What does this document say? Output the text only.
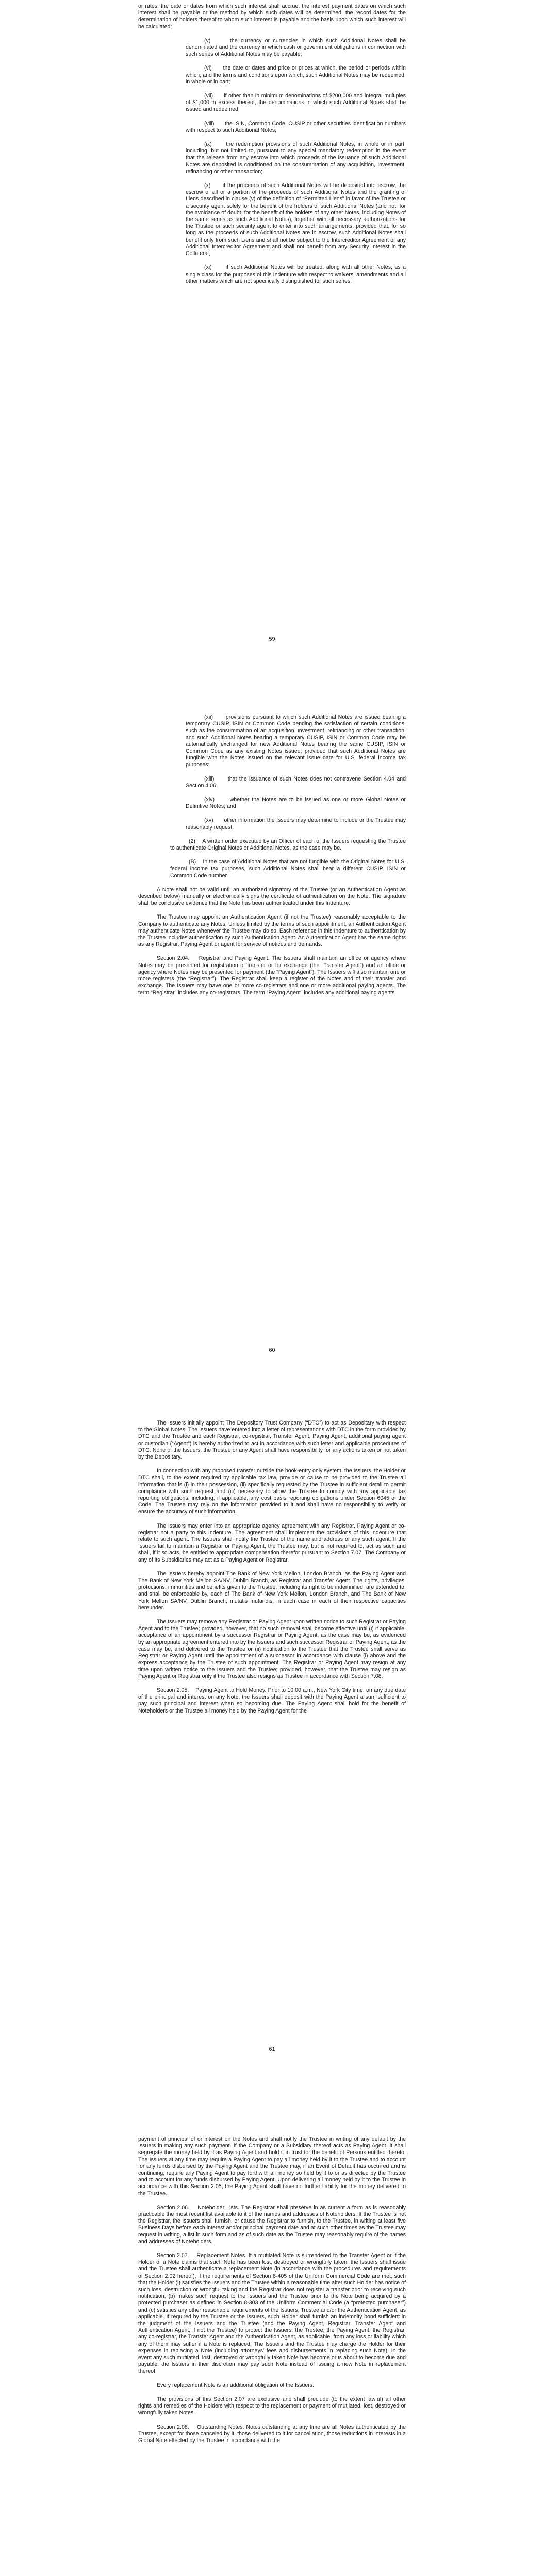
or rates, the date or dates from which such interest shall accrue, the interest payment dates on which such interest shall be payable or the method by which such dates will be determined, the record dates for the determination of holders thereof to whom such interest is payable and the basis upon which such interest will be calculated;

(v)      the currency or currencies in which such Additional Notes shall be denominated and the currency in which cash or government obligations in connection with such series of Additional Notes may be payable;

(vi)      the date or dates and price or prices at which, the period or periods within which, and the terms and conditions upon which, such Additional Notes may be redeemed, in whole or in part;

(vii)      if other than in minimum denominations of $200,000 and integral multiples of $1,000 in excess thereof, the denominations in which such Additional Notes shall be issued and redeemed;

(viii)      the ISIN, Common Code, CUSIP or other securities identification numbers with respect to such Additional Notes;

(ix)      the redemption provisions of such Additional Notes, in whole or in part, including, but not limited to, pursuant to any special mandatory redemption in the event that the release from any escrow into which proceeds of the issuance of such Additional Notes are deposited is conditioned on the consummation of any acquisition, Investment, refinancing or other transaction;

(x)      if the proceeds of such Additional Notes will be deposited into escrow, the escrow of all or a portion of the proceeds of such Additional Notes and the granting of Liens described in clause (v) of the definition of “Permitted Liens” in favor of the Trustee or a security agent solely for the benefit of the holders of such Additional Notes (and not, for the avoidance of doubt, for the benefit of the holders of any other Notes, including Notes of the same series as such Additional Notes), together with all necessary authorizations for the Trustee or such security agent to enter into such arrangements; provided that, for so long as the proceeds of such Additional Notes are in escrow, such Additional Notes shall benefit only from such Liens and shall not be subject to the Intercreditor Agreement or any Additional Intercreditor Agreement and shall not benefit from any Security Interest in the Collateral;

(xi)      if such Additional Notes will be treated, along with all other Notes, as a single class for the purposes of this Indenture with respect to waivers, amendments and all other matters which are not specifically distinguished for such series;

59

(xii)      provisions pursuant to which such Additional Notes are issued bearing a temporary CUSIP, ISIN or Common Code pending the satisfaction of certain conditions, such as the consummation of an acquisition, investment, refinancing or other transaction, and such Additional Notes bearing a temporary CUSIP, ISIN or Common Code may be automatically exchanged for new Additional Notes bearing the same CUSIP, ISIN or Common Code as any existing Notes issued; provided that such Additional Notes are fungible with the Notes issued on the relevant issue date for U.S. federal income tax purposes;

(xiii)      that the issuance of such Notes does not contravene Section 4.04 and Section 4.06;

(xiv)      whether the Notes are to be issued as one or more Global Notes or Definitive Notes; and

(xv)      other information the Issuers may determine to include or the Trustee may reasonably request.

(2)    A written order executed by an Officer of each of the Issuers requesting the Trustee to authenticate Original Notes or Additional Notes, as the case may be.

(B)    In the case of Additional Notes that are not fungible with the Original Notes for U.S. federal income tax purposes, such Additional Notes shall bear a different CUSIP, ISIN or Common Code number.

A Note shall not be valid until an authorized signatory of the Trustee (or an Authentication Agent as described below) manually or electronically signs the certificate of authentication on the Note. The signature shall be conclusive evidence that the Note has been authenticated under this Indenture.

The Trustee may appoint an Authentication Agent (if not the Trustee) reasonably acceptable to the Company to authenticate any Notes. Unless limited by the terms of such appointment, an Authentication Agent may authenticate Notes whenever the Trustee may do so. Each reference in this Indenture to authentication by the Trustee includes authentication by such Authentication Agent. An Authentication Agent has the same rights as any Registrar, Paying Agent or agent for service of notices and demands.

Section 2.04.    Registrar and Paying Agent. The Issuers shall maintain an office or agency where Notes may be presented for registration of transfer or for exchange (the “Transfer Agent”) and an office or agency where Notes may be presented for payment (the “Paying Agent”). The Issuers will also maintain one or more registers (the “Registrar”). The Registrar shall keep a register of the Notes and of their transfer and exchange. The Issuers may have one or more co-registrars and one or more additional paying agents. The term “Registrar” includes any co-registrars. The term “Paying Agent” includes any additional paying agents.

60

The Issuers initially appoint The Depository Trust Company (“DTC”) to act as Depositary with respect to the Global Notes. The Issuers have entered into a letter of representations with DTC in the form provided by DTC and the Trustee and each Registrar, co-registrar, Transfer Agent, Paying Agent, additional paying agent or custodian (“Agent”) is hereby authorized to act in accordance with such letter and applicable procedures of DTC. None of the Issuers, the Trustee or any Agent shall have responsibility for any actions taken or not taken by the Depositary.

In connection with any proposed transfer outside the book-entry only system, the Issuers, the Holder or DTC shall, to the extent required by applicable tax law, provide or cause to be provided to the Trustee all information that is (i) in their possession, (ii) specifically requested by the Trustee in sufficient detail to permit compliance with such request and (iii) necessary to allow the Trustee to comply with any applicable tax reporting obligations, including, if applicable, any cost basis reporting obligations under Section 6045 of the Code. The Trustee may rely on the information provided to it and shall have no responsibility to verify or ensure the accuracy of such information.

The Issuers may enter into an appropriate agency agreement with any Registrar, Paying Agent or co-registrar not a party to this Indenture. The agreement shall implement the provisions of this Indenture that relate to such agent. The Issuers shall notify the Trustee of the name and address of any such agent. If the Issuers fail to maintain a Registrar or Paying Agent, the Trustee may, but is not required to, act as such and shall, if it so acts, be entitled to appropriate compensation therefor pursuant to Section 7.07. The Company or any of its Subsidiaries may act as a Paying Agent or Registrar.

The Issuers hereby appoint The Bank of New York Mellon, London Branch, as the Paying Agent and The Bank of New York Mellon SA/NV, Dublin Branch, as Registrar and Transfer Agent. The rights, privileges, protections, immunities and benefits given to the Trustee, including its right to be indemnified, are extended to, and shall be enforceable by, each of The Bank of New York Mellon, London Branch, and The Bank of New York Mellon SA/NV, Dublin Branch, mutatis mutandis, in each case in each of their respective capacities hereunder.

The Issuers may remove any Registrar or Paying Agent upon written notice to such Registrar or Paying Agent and to the Trustee; provided, however, that no such removal shall become effective until (i) if applicable, acceptance of an appointment by a successor Registrar or Paying Agent, as the case may be, as evidenced by an appropriate agreement entered into by the Issuers and such successor Registrar or Paying Agent, as the case may be, and delivered to the Trustee or (ii) notification to the Trustee that the Trustee shall serve as Registrar or Paying Agent until the appointment of a successor in accordance with clause (i) above and the express acceptance by the Trustee of such appointment. The Registrar or Paying Agent may resign at any time upon written notice to the Issuers and the Trustee; provided, however, that the Trustee may resign as Paying Agent or Registrar only if the Trustee also resigns as Trustee in accordance with Section 7.08.

Section 2.05.    Paying Agent to Hold Money. Prior to 10:00 a.m., New York City time, on any due date of the principal and interest on any Note, the Issuers shall deposit with the Paying Agent a sum sufficient to pay such principal and interest when so becoming due. The Paying Agent shall hold for the benefit of Noteholders or the Trustee all money held by the Paying Agent for the

61

payment of principal of or interest on the Notes and shall notify the Trustee in writing of any default by the Issuers in making any such payment. If the Company or a Subsidiary thereof acts as Paying Agent, it shall segregate the money held by it as Paying Agent and hold it in trust for the benefit of Persons entitled thereto. The Issuers at any time may require a Paying Agent to pay all money held by it to the Trustee and to account for any funds disbursed by the Paying Agent and the Trustee may, if an Event of Default has occurred and is continuing, require any Paying Agent to pay forthwith all money so held by it to or as directed by the Trustee and to account for any funds disbursed by Paying Agent. Upon delivering all money held by it to the Trustee in accordance with this Section 2.05, the Paying Agent shall have no further liability for the money delivered to the Trustee.

Section 2.06.    Noteholder Lists. The Registrar shall preserve in as current a form as is reasonably practicable the most recent list available to it of the names and addresses of Noteholders. If the Trustee is not the Registrar, the Issuers shall furnish, or cause the Registrar to furnish, to the Trustee, in writing at least five Business Days before each interest and/or principal payment date and at such other times as the Trustee may request in writing, a list in such form and as of such date as the Trustee may reasonably require of the names and addresses of Noteholders.

Section 2.07.    Replacement Notes. If a mutilated Note is surrendered to the Transfer Agent or if the Holder of a Note claims that such Note has been lost, destroyed or wrongfully taken, the Issuers shall issue and the Trustee shall authenticate a replacement Note (in accordance with the procedures and requirements of Section 2.02 hereof), if the requirements of Section 8-405 of the Uniform Commercial Code are met, such that the Holder (i) satisfies the Issuers and the Trustee within a reasonable time after such Holder has notice of such loss, destruction or wrongful taking and the Registrar does not register a transfer prior to receiving such notification, (b) makes such request to the Issuers and the Trustee prior to the Note being acquired by a protected purchaser as defined in Section 8-303 of the Uniform Commercial Code (a “protected purchaser”) and (c) satisfies any other reasonable requirements of the Issuers, Trustee and/or the Authentication Agent, as applicable. If required by the Trustee or the Issuers, such Holder shall furnish an indemnity bond sufficient in the judgment of the Issuers and the Trustee (and the Paying Agent, Registrar, Transfer Agent and Authentication Agent, if not the Trustee) to protect the Issuers, the Trustee, the Paying Agent, the Registrar, any co-registrar, the Transfer Agent and the Authentication Agent, as applicable, from any loss or liability which any of them may suffer if a Note is replaced. The Issuers and the Trustee may charge the Holder for their expenses in replacing a Note (including attorneys’ fees and disbursements in replacing such Note). In the event any such mutilated, lost, destroyed or wrongfully taken Note has become or is about to become due and payable, the Issuers in their discretion may pay such Note instead of issuing a new Note in replacement thereof.

Every replacement Note is an additional obligation of the Issuers.

The provisions of this Section 2.07 are exclusive and shall preclude (to the extent lawful) all other rights and remedies of the Holders with respect to the replacement or payment of mutilated, lost, destroyed or wrongfully taken Notes.

Section 2.08.    Outstanding Notes. Notes outstanding at any time are all Notes authenticated by the Trustee, except for those canceled by it, those delivered to it for cancellation, those reductions in interests in a Global Note effected by the Trustee in accordance with the
